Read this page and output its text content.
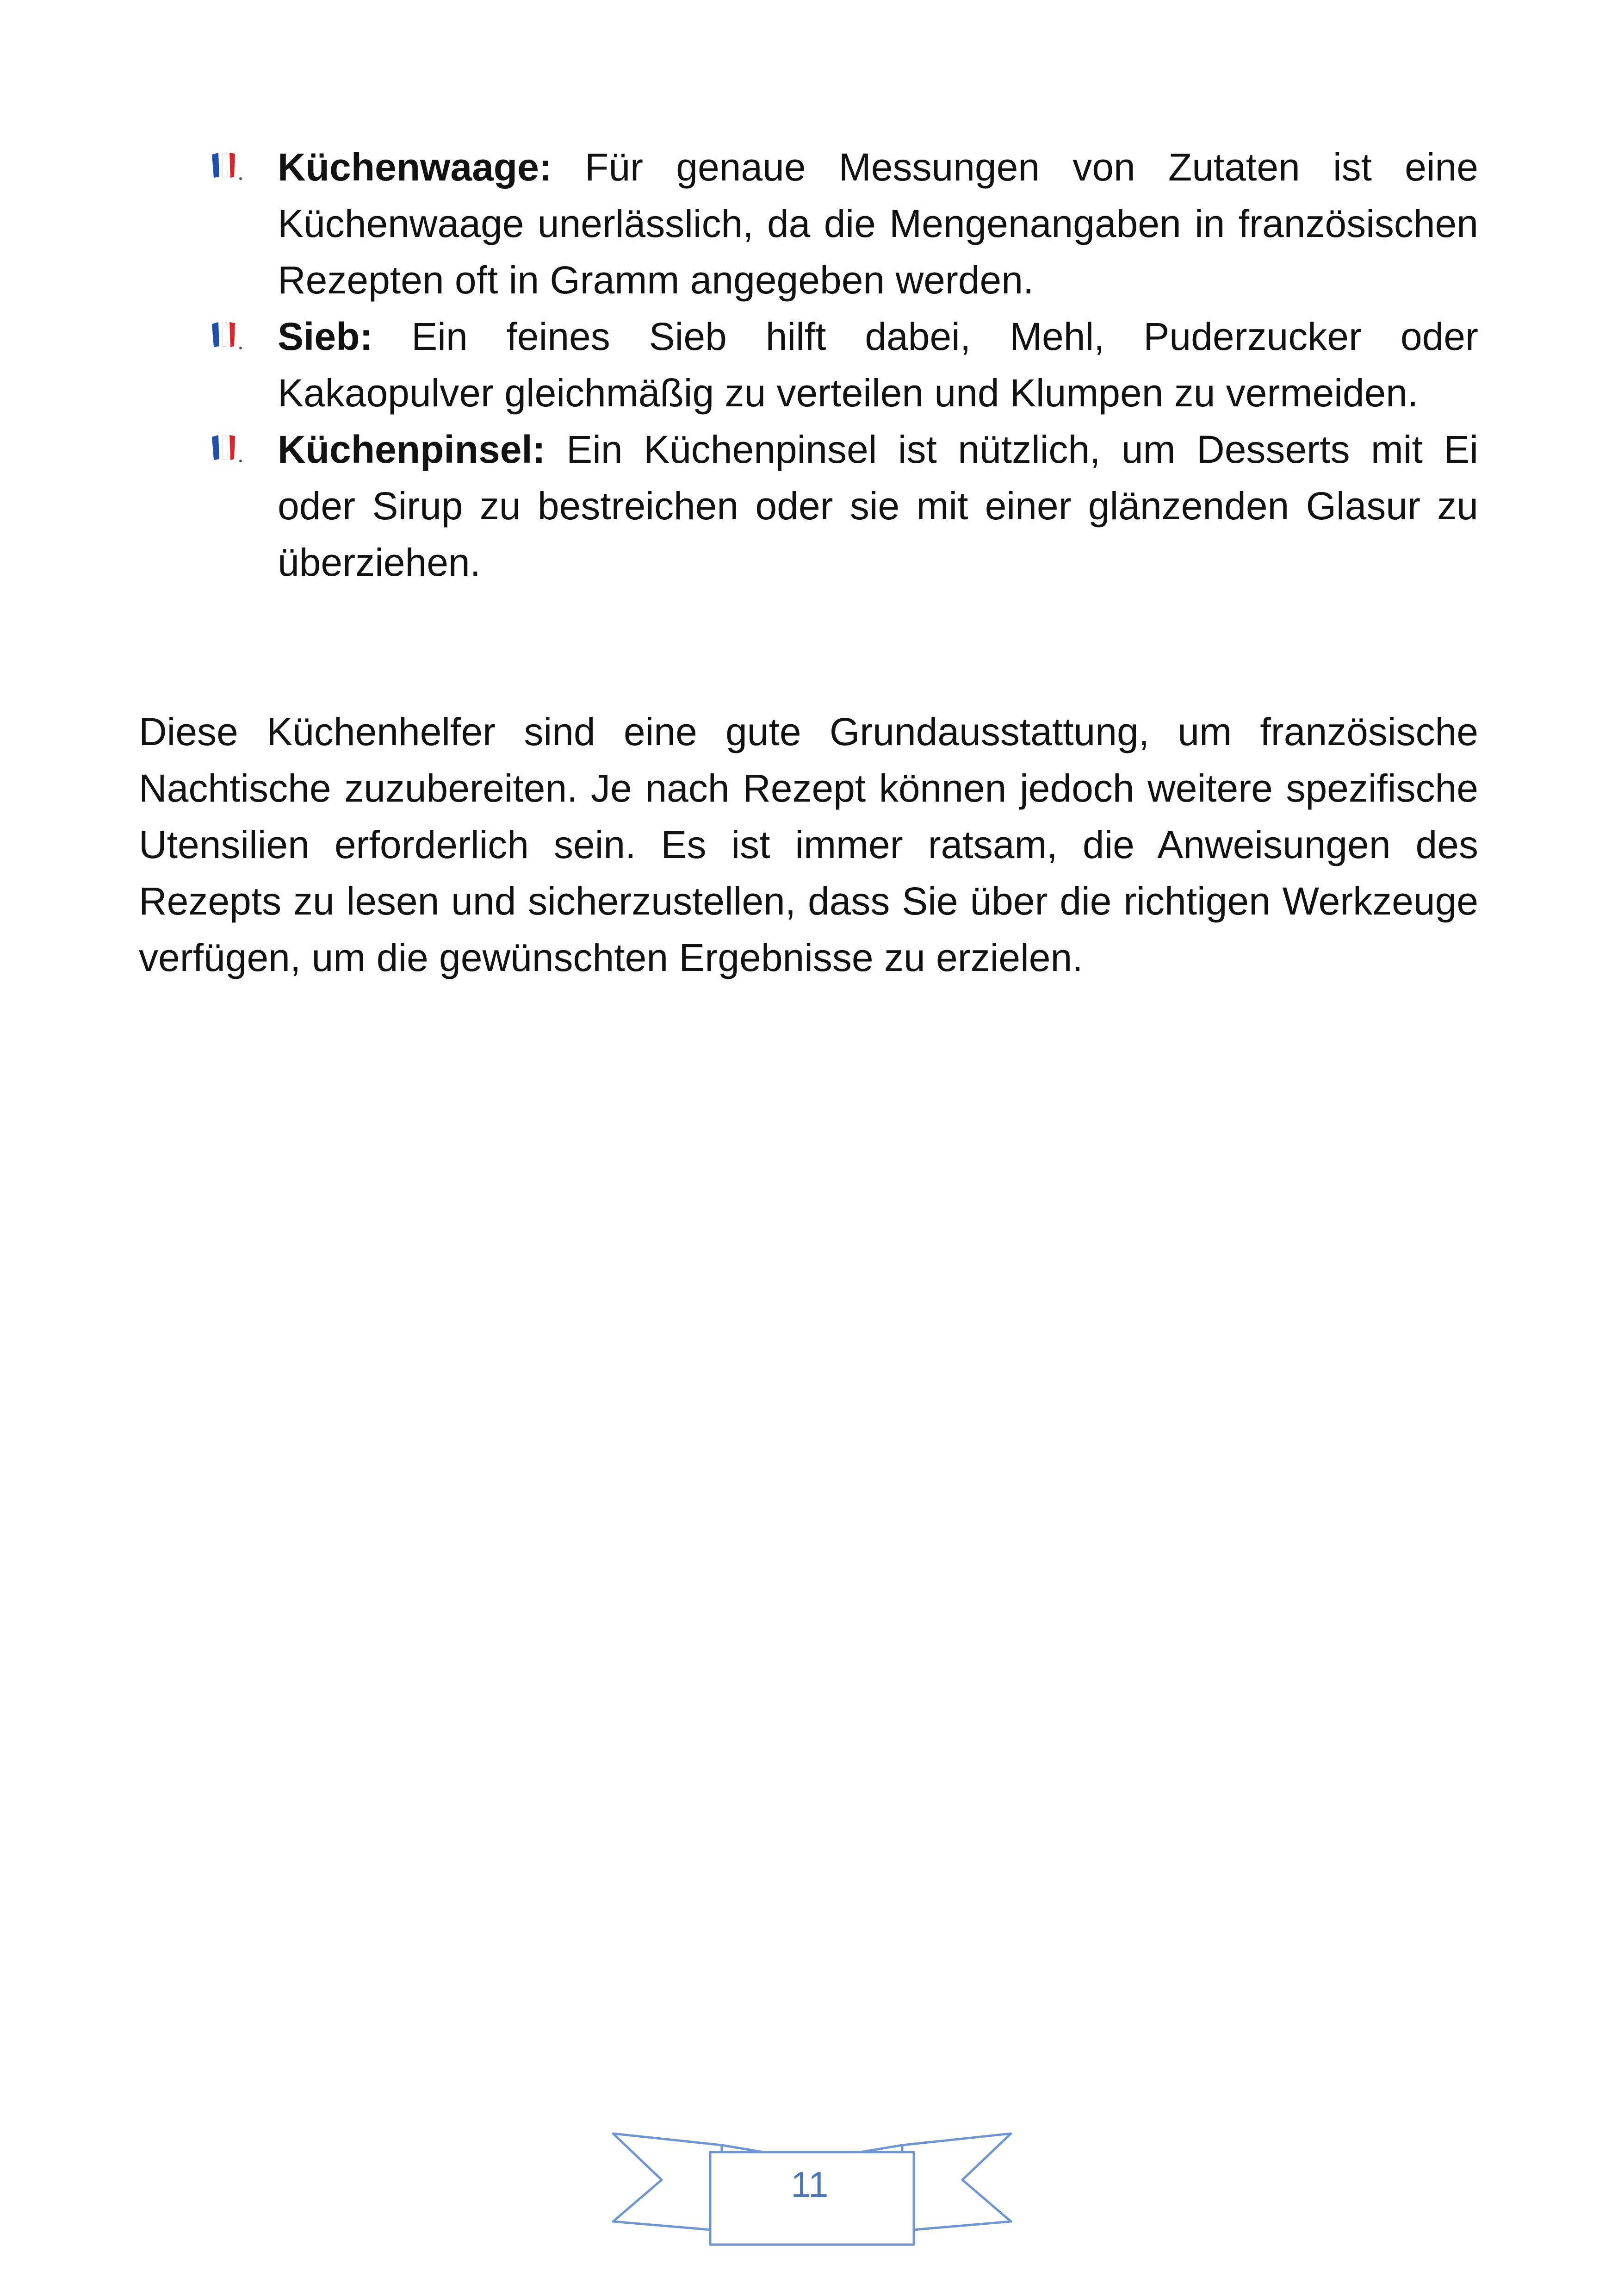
Küchenwaage: Für genaue Messungen von Zutaten ist eine Küchenwaage unerlässlich, da die Mengenangaben in französischen Rezepten oft in Gramm angegeben werden.
Sieb: Ein feines Sieb hilft dabei, Mehl, Puderzucker oder Kakaopulver gleichmäßig zu verteilen und Klumpen zu vermeiden.
Küchenpinsel: Ein Küchenpinsel ist nützlich, um Desserts mit Ei oder Sirup zu bestreichen oder sie mit einer glänzenden Glasur zu überziehen.

Diese Küchenhelfer sind eine gute Grundausstattung, um französische Nachtische zuzubereiten. Je nach Rezept können jedoch weitere spezifische Utensilien erforderlich sein. Es ist immer ratsam, die Anweisungen des Rezepts zu lesen und sicherzustellen, dass Sie über die richtigen Werkzeuge verfügen, um die gewünschten Ergebnisse zu erzielen.

11
